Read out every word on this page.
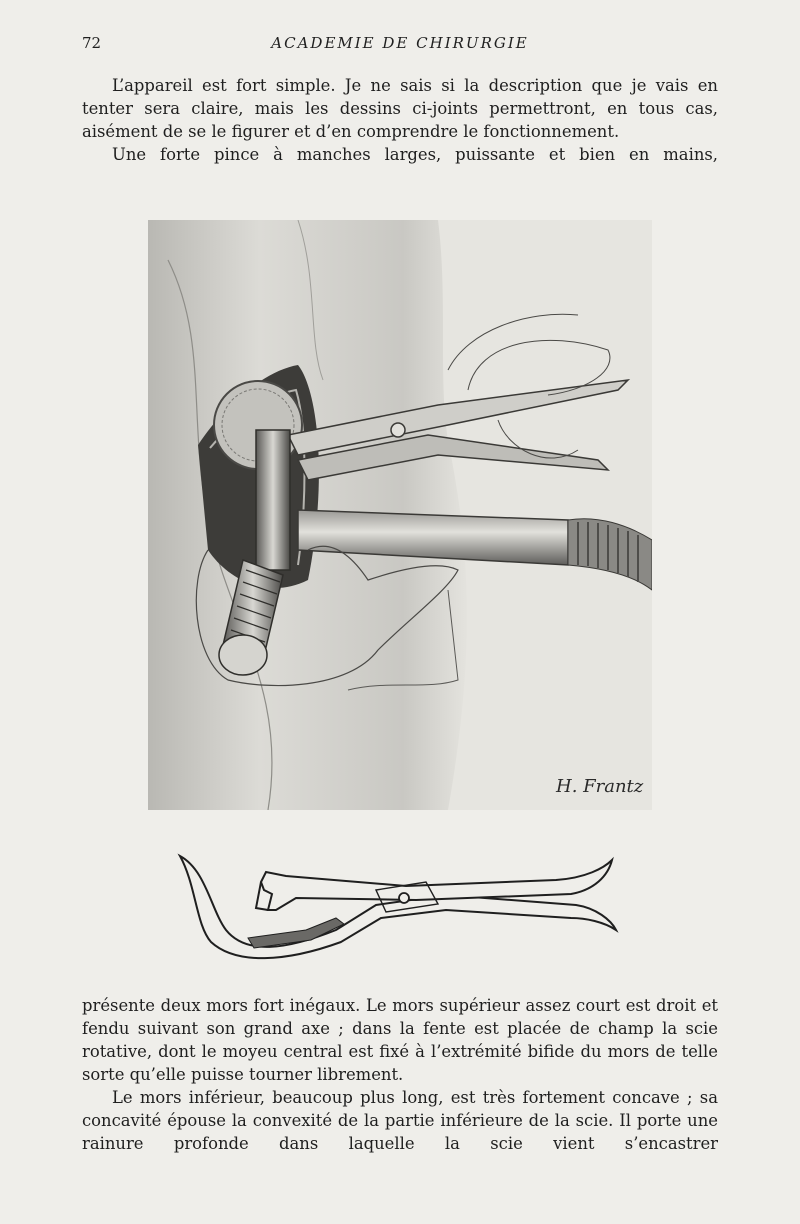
72	ACADEMIE DE CHIRURGIE

L’appareil est fort simple. Je ne sais si la description que je vais en tenter sera claire, mais les dessins ci-joints permettront, en tous cas, aisément de se le figurer et d’en comprendre le fonctionnement.

Une forte pince à manches larges, puissante et bien en mains,

H. Frantz

présente deux mors fort inégaux. Le mors supérieur assez court est droit et fendu suivant son grand axe ; dans la fente est placée de champ la scie rotative, dont le moyeu central est fixé à l’extrémité bifide du mors de telle sorte qu’elle puisse tourner librement.

Le mors inférieur, beaucoup plus long, est très fortement concave ; sa concavité épouse la convexité de la partie inférieure de la scie. Il porte une rainure profonde dans laquelle la scie vient s’encastrer
